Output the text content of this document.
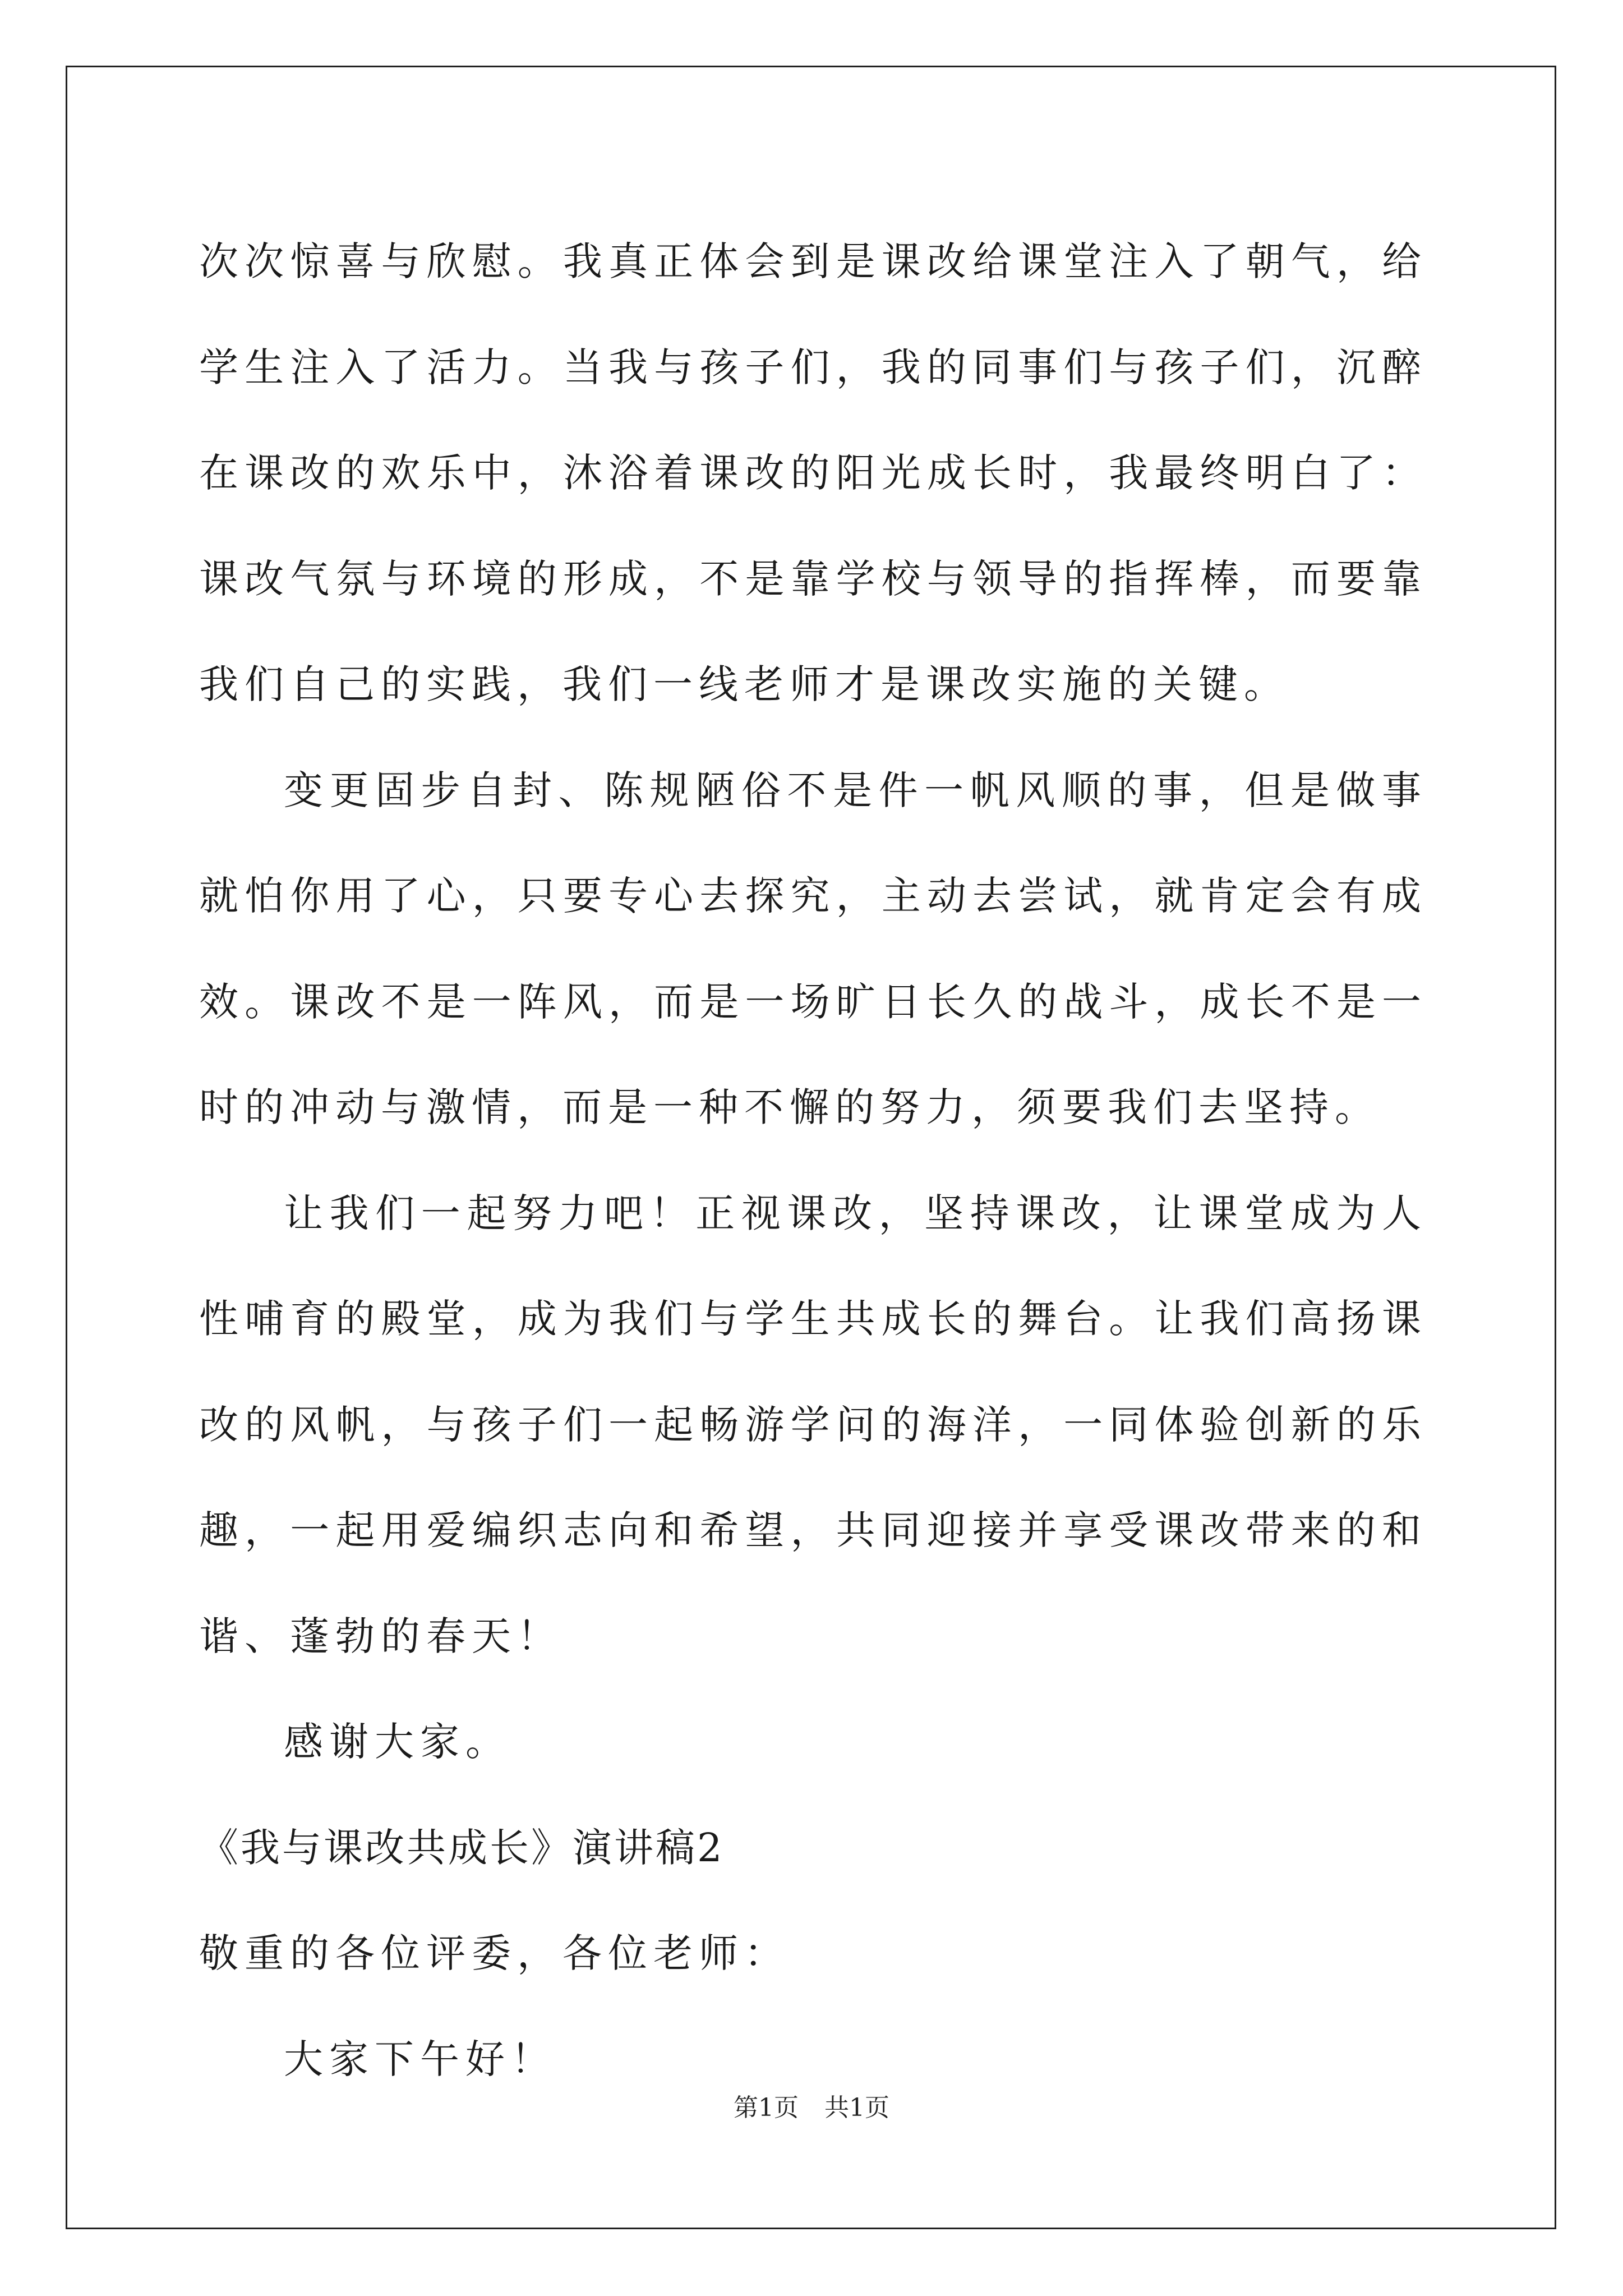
次次惊喜与欣慰。我真正体会到是课改给课堂注入了朝气，给学生注入了活力。当我与孩子们，我的同事们与孩子们，沉醉在课改的欢乐中，沐浴着课改的阳光成长时，我最终明白了：课改气氛与环境的形成，不是靠学校与领导的指挥棒，而要靠我们自己的实践，我们一线老师才是课改实施的关键。

变更固步自封、陈规陋俗不是件一帆风顺的事，但是做事就怕你用了心，只要专心去探究，主动去尝试，就肯定会有成效。课改不是一阵风，而是一场旷日长久的战斗，成长不是一时的冲动与激情，而是一种不懈的努力，须要我们去坚持。

让我们一起努力吧！正视课改，坚持课改，让课堂成为人性哺育的殿堂，成为我们与学生共成长的舞台。让我们高扬课改的风帆，与孩子们一起畅游学问的海洋，一同体验创新的乐趣，一起用爱编织志向和希望，共同迎接并享受课改带来的和谐、蓬勃的春天！

感谢大家。

《我与课改共成长》演讲稿2

敬重的各位评委，各位老师：

大家下午好！

第1页 共1页
